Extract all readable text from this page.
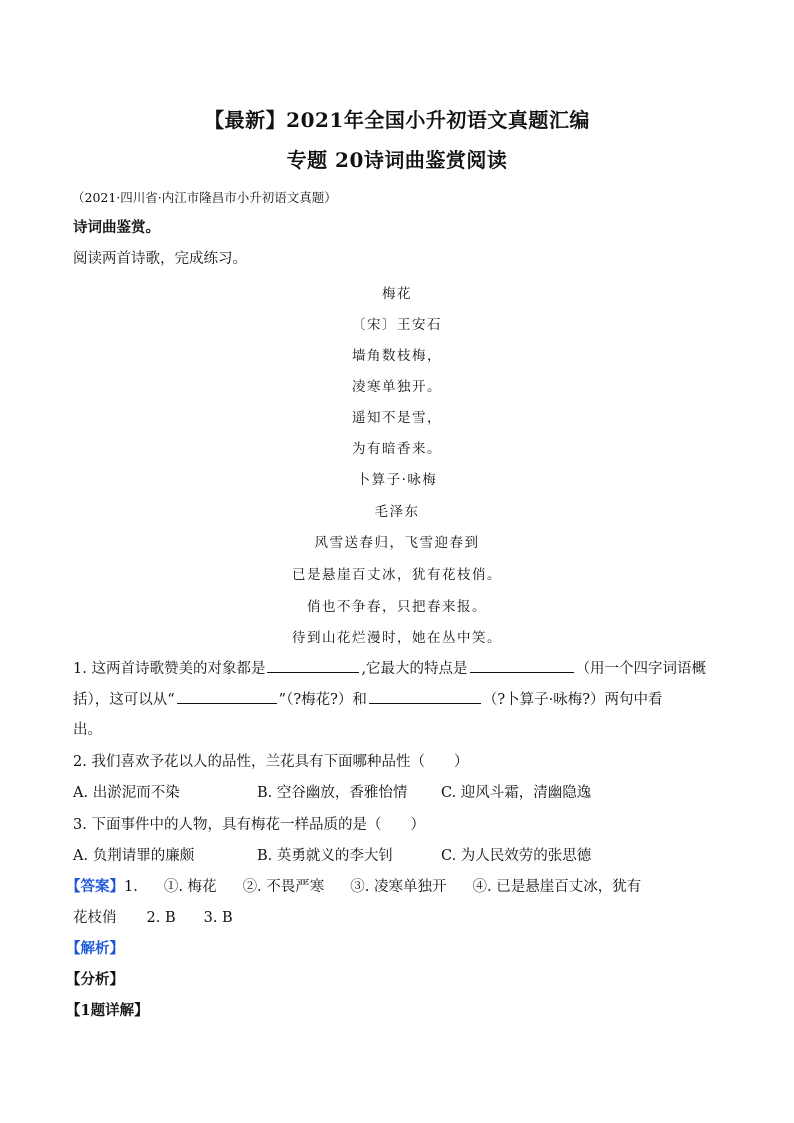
【最新】2021年全国小升初语文真题汇编
专题 20诗词曲鉴赏阅读
（2021·四川省·内江市隆昌市小升初语文真题）
诗词曲鉴赏。
阅读两首诗歌，完成练习。
梅花
〔宋〕王安石
墙角数枝梅，
凌寒单独开。
遥知不是雪，
为有暗香来。
卜算子·咏梅
毛泽东
风雪送春归，飞雪迎春到
已是悬崖百丈冰，犹有花枝俏。
俏也不争春，只把春来报。
待到山花烂漫时，她在丛中笑。
1. 这两首诗歌赞美的对象都是	,它最大的特点是	（用一个四字词语概
括），这可以从“	”（?梅花?）和	（?卜算子·咏梅?）两句中看
出。
2. 我们喜欢予花以人的品性，兰花具有下面哪种品性（　　）
A. 出淤泥而不染	B. 空谷幽放，香雅怡情 C. 迎风斗霜，清幽隐逸
3. 下面事件中的人物，具有梅花一样品质的是（　　）
A. 负荆请罪的廉颇	B. 英勇就义的李大钊	C. 为人民效劳的张思德
【答案】1. ①. 梅花 ②. 不畏严寒 ③. 凌寒单独开 ④. 已是悬崖百丈冰，犹有
花枝俏 2. B 3. B
【解析】
【分析】
【1题详解】
